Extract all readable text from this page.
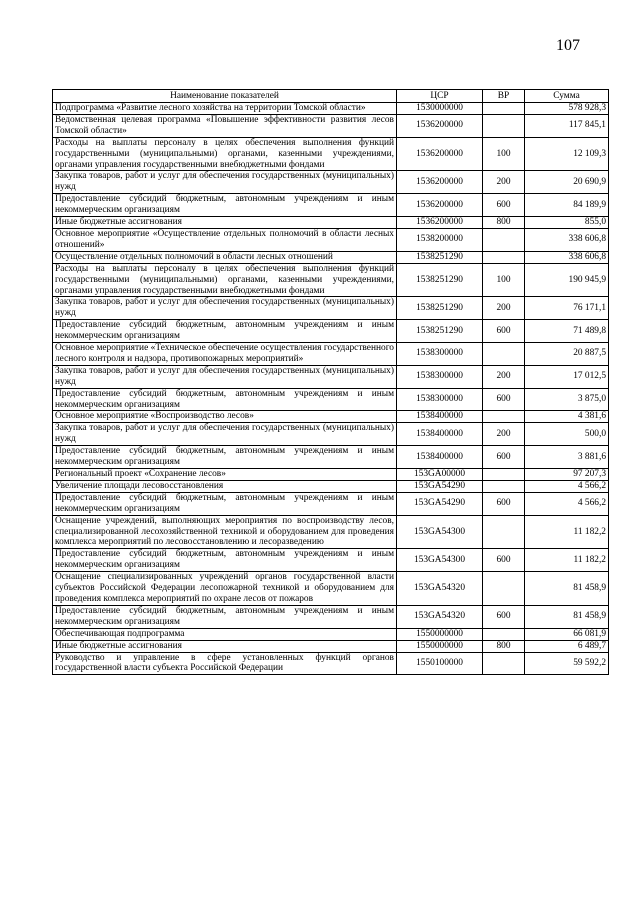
107
Наименование показателей	ЦСР	ВР	Сумма
Подпрограмма «Развитие лесного хозяйства на территории Томской области»	1530000000		578 928,3
Ведомственная целевая программа «Повышение эффективности развития лесов Томской области»	1536200000		117 845,1
Расходы на выплаты персоналу в целях обеспечения выполнения функций государственными (муниципальными) органами, казенными учреждениями, органами управления государственными внебюджетными фондами	1536200000	100	12 109,3
Закупка товаров, работ и услуг для обеспечения государственных (муниципальных) нужд	1536200000	200	20 690,9
Предоставление субсидий бюджетным, автономным учреждениям и иным некоммерческим организациям	1536200000	600	84 189,9
Иные бюджетные ассигнования	1536200000	800	855,0
Основное мероприятие «Осуществление отдельных полномочий в области лесных отношений»	1538200000		338 606,8
Осуществление отдельных полномочий в области лесных отношений	1538251290		338 606,8
Расходы на выплаты персоналу в целях обеспечения выполнения функций государственными (муниципальными) органами, казенными учреждениями, органами управления государственными внебюджетными фондами	1538251290	100	190 945,9
Закупка товаров, работ и услуг для обеспечения государственных (муниципальных) нужд	1538251290	200	76 171,1
Предоставление субсидий бюджетным, автономным учреждениям и иным некоммерческим организациям	1538251290	600	71 489,8
Основное мероприятие «Техническое обеспечение осуществления государственного лесного контроля и надзора, противопожарных мероприятий»	1538300000		20 887,5
Закупка товаров, работ и услуг для обеспечения государственных (муниципальных) нужд	1538300000	200	17 012,5
Предоставление субсидий бюджетным, автономным учреждениям и иным некоммерческим организациям	1538300000	600	3 875,0
Основное мероприятие «Воспроизводство лесов»	1538400000		4 381,6
Закупка товаров, работ и услуг для обеспечения государственных (муниципальных) нужд	1538400000	200	500,0
Предоставление субсидий бюджетным, автономным учреждениям и иным некоммерческим организациям	1538400000	600	3 881,6
Региональный проект «Сохранение лесов»	153GA00000		97 207,3
Увеличение площади лесовосстановления	153GA54290		4 566,2
Предоставление субсидий бюджетным, автономным учреждениям и иным некоммерческим организациям	153GA54290	600	4 566,2
Оснащение учреждений, выполняющих мероприятия по воспроизводству лесов, специализированной лесохозяйственной техникой и оборудованием для проведения комплекса мероприятий по лесовосстановлению и лесоразведению	153GA54300		11 182,2
Предоставление субсидий бюджетным, автономным учреждениям и иным некоммерческим организациям	153GA54300	600	11 182,2
Оснащение специализированных учреждений органов государственной власти субъектов Российской Федерации лесопожарной техникой и оборудованием для проведения комплекса мероприятий по охране лесов от пожаров	153GA54320		81 458,9
Предоставление субсидий бюджетным, автономным учреждениям и иным некоммерческим организациям	153GA54320	600	81 458,9
Обеспечивающая подпрограмма	1550000000		66 081,9
Иные бюджетные ассигнования	1550000000	800	6 489,7
Руководство и управление в сфере установленных функций органов государственной власти субъекта Российской Федерации	1550100000		59 592,2
